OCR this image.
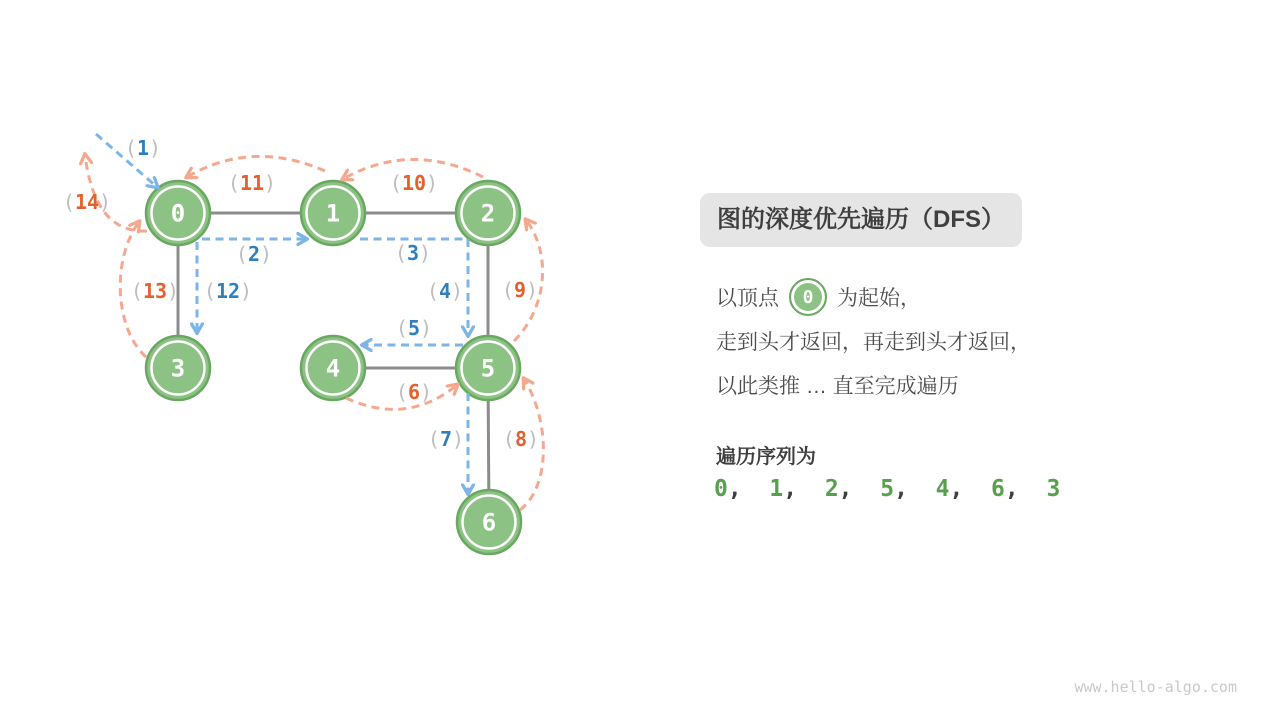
0	1	2
3	4	5
6
(1)
(2)	(3)
(4)
(5)
(7)
(12)
(6)
(8)
(9)
(10)
(11)
(13)
(14)
图的深度优先遍历（DFS）
以顶点	0	为起始，
走到头才返回，再走到头才返回，
以此类推 … 直至完成遍历
遍历序列为
0,  1,  2,  5,  4,  6,  3
www.hello-algo.com
